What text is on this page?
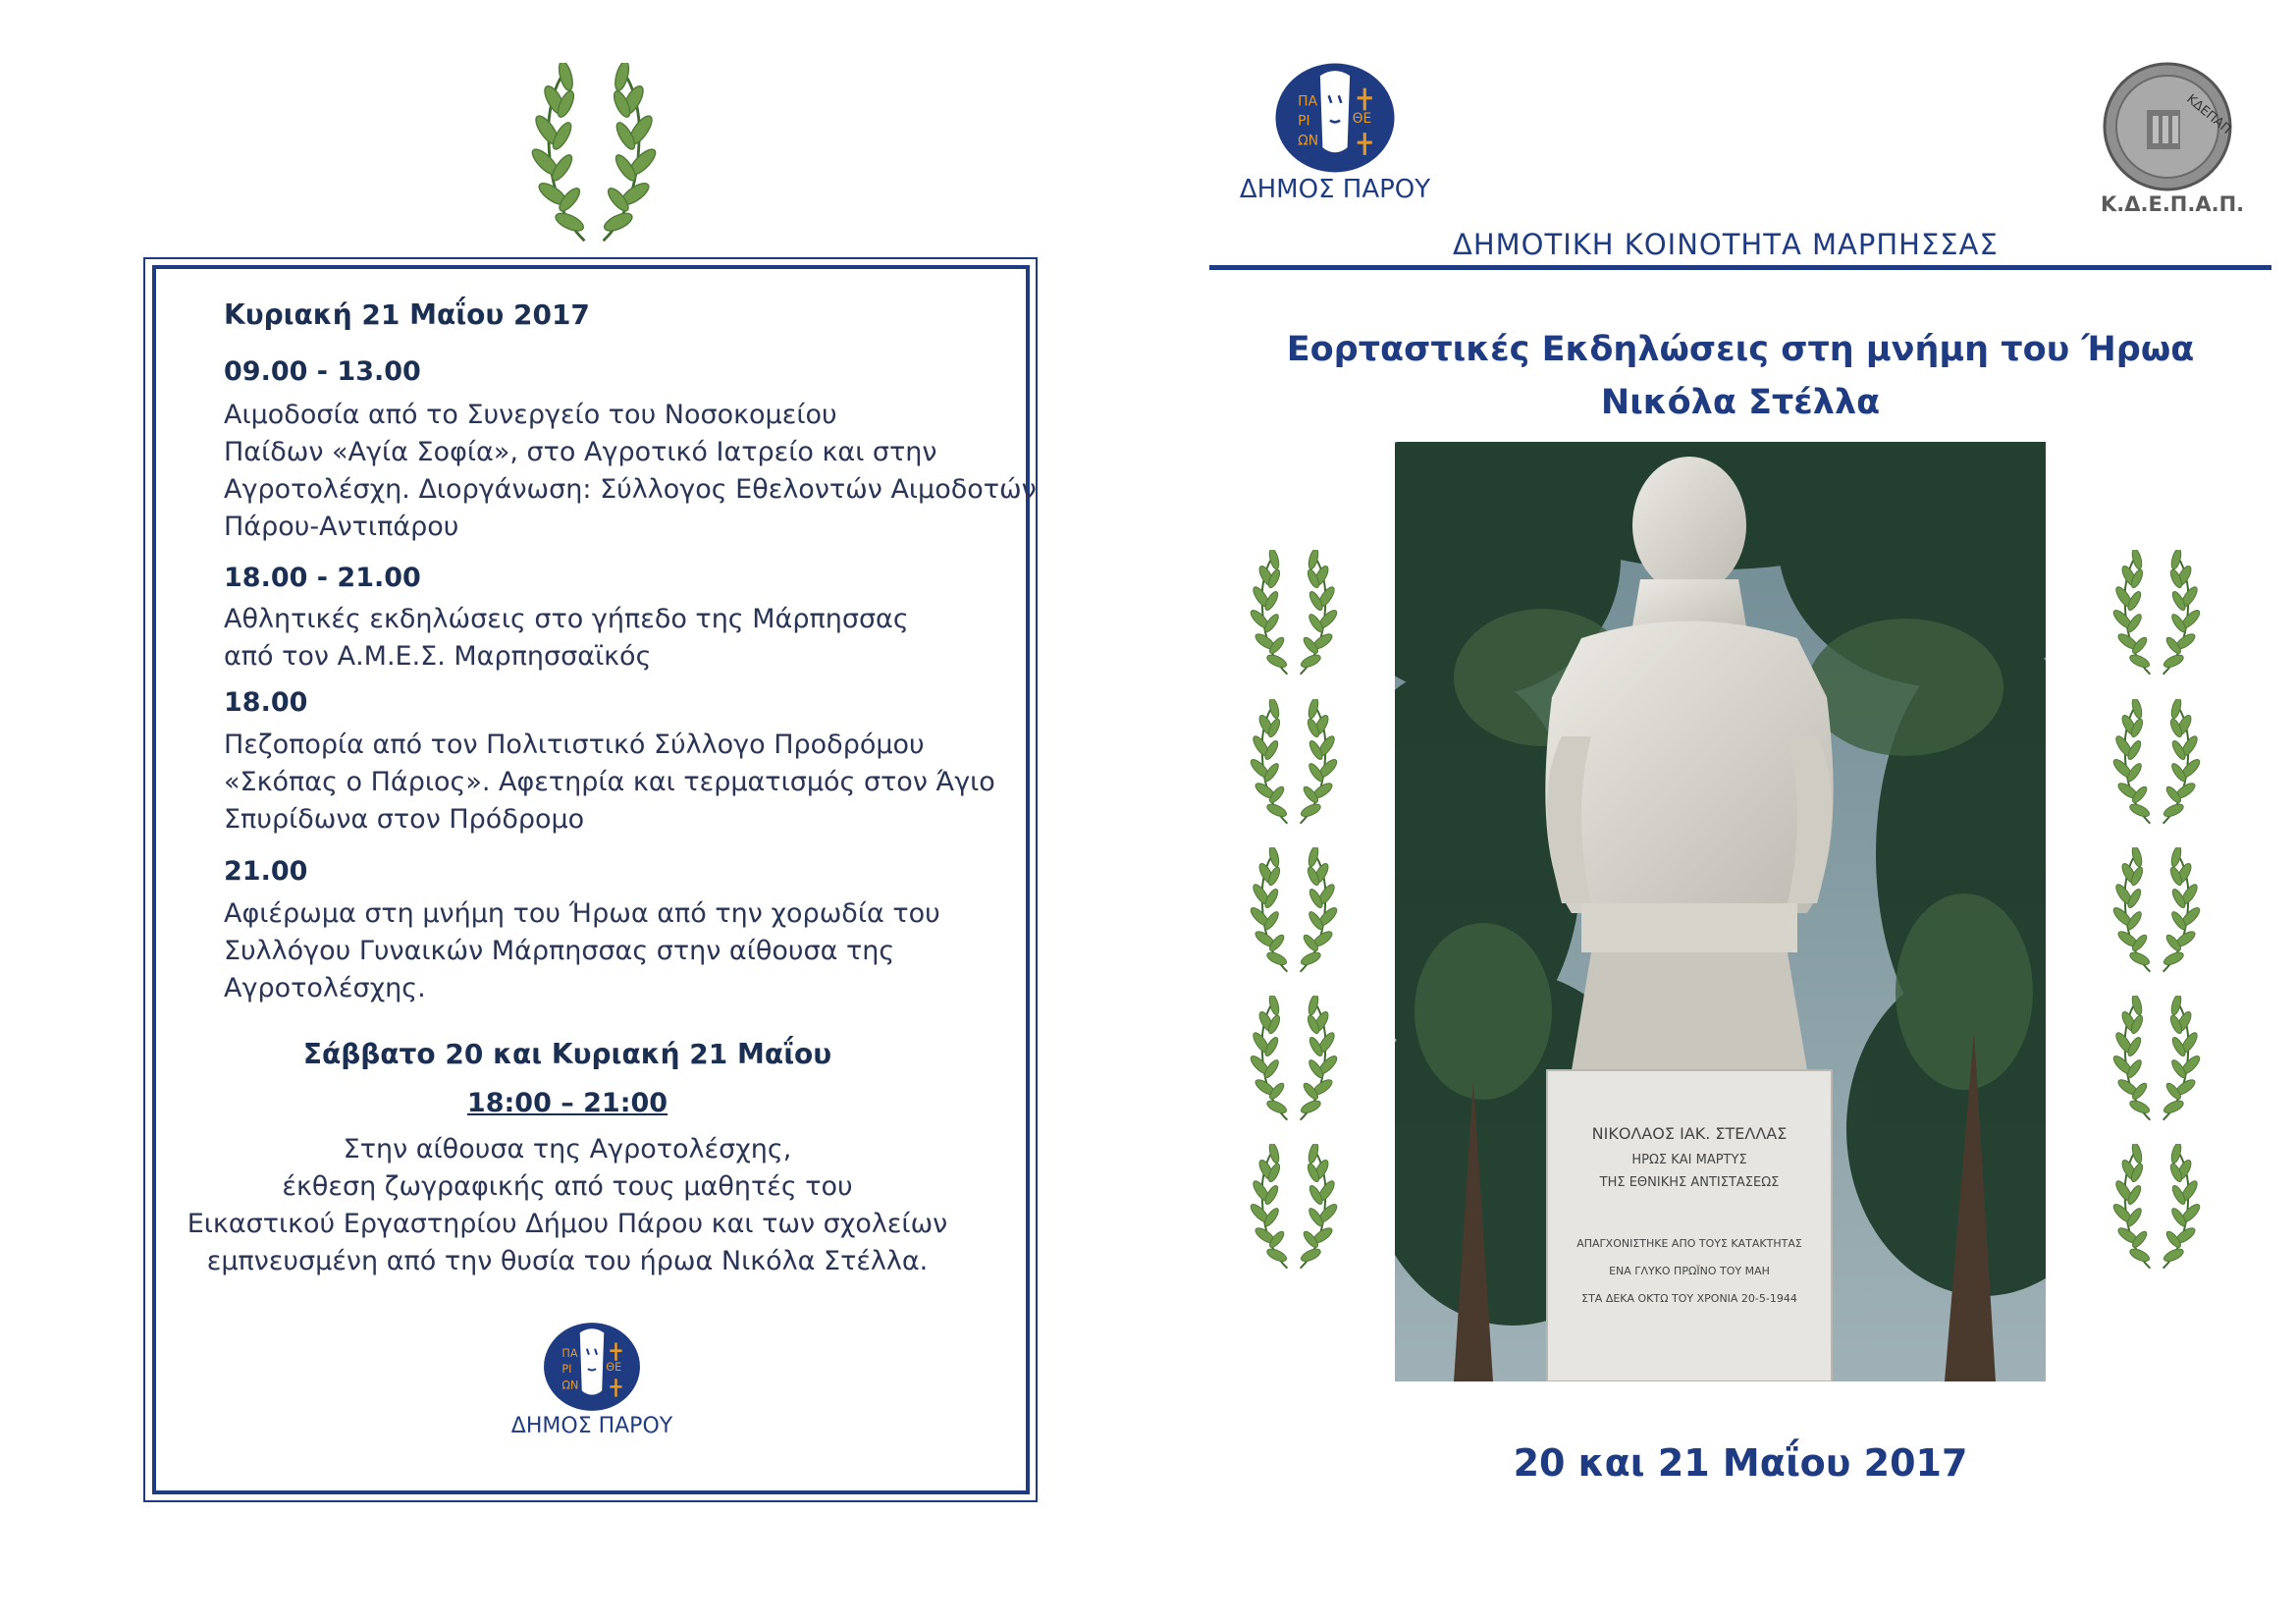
Κυριακή 21 Μαΐου 2017
09.00 - 13.00
Αιμοδοσία από το Συνεργείο του Νοσοκομείου
Παίδων «Αγία Σοφία», στο Αγροτικό Ιατρείο και στην
Αγροτολέσχη. Διοργάνωση: Σύλλογος Εθελοντών Αιμοδοτών
Πάρου-Αντιπάρου
18.00 - 21.00
Αθλητικές εκδηλώσεις στο γήπεδο της Μάρπησσας
από τον Α.Μ.Ε.Σ. Μαρπησσαϊκός
18.00
Πεζοπορία από τον Πολιτιστικό Σύλλογο Προδρόμου
«Σκόπας ο Πάριος». Αφετηρία και τερματισμός στον Άγιο
Σπυρίδωνα στον Πρόδρομο
21.00
Αφιέρωμα στη μνήμη του Ήρωα από την χορωδία του
Συλλόγου Γυναικών Μάρπησσας στην αίθουσα της
Αγροτολέσχης.
Σάββατο 20 και Κυριακή 21 Μαΐου
18:00 – 21:00
Στην αίθουσα της Αγροτολέσχης,
έκθεση ζωγραφικής από τους μαθητές του
Εικαστικού Εργαστηρίου Δήμου Πάρου και των σχολείων
εμπνευσμένη από την θυσία του ήρωα Νικόλα Στέλλα.
ΠΑ
ΡΙ
ΩΝ
ΘΕ
ΔΗΜΟΣ ΠΑΡΟΥ
ΠΑ
ΡΙ
ΩΝ
ΘΕ
ΔΗΜΟΣ ΠΑΡΟΥ
ΚΔΕΠΑΠ
Κ.Δ.Ε.Π.Α.Π.
ΔΗΜΟΤΙΚΗ ΚΟΙΝΟΤΗΤΑ ΜΑΡΠΗΣΣΑΣ
Εορταστικές Εκδηλώσεις στη μνήμη του Ήρωα
Νικόλα Στέλλα
ΝΙΚΟΛΑΟΣ ΙΑΚ. ΣΤΕΛΛΑΣ
ΗΡΩΣ ΚΑΙ ΜΑΡΤΥΣ
ΤΗΣ ΕΘΝΙΚΗΣ ΑΝΤΙΣΤΑΣΕΩΣ
ΑΠΑΓΧΟΝΙΣΤΗΚΕ ΑΠΟ ΤΟΥΣ ΚΑΤΑΚΤΗΤΑΣ
ΕΝΑ ΓΛΥΚΟ ΠΡΩΪΝΟ ΤΟΥ ΜΑΗ
ΣΤΑ ΔΕΚΑ ΟΚΤΩ ΤΟΥ ΧΡΟΝΙΑ 20-5-1944
20 και 21 Μαΐου 2017
